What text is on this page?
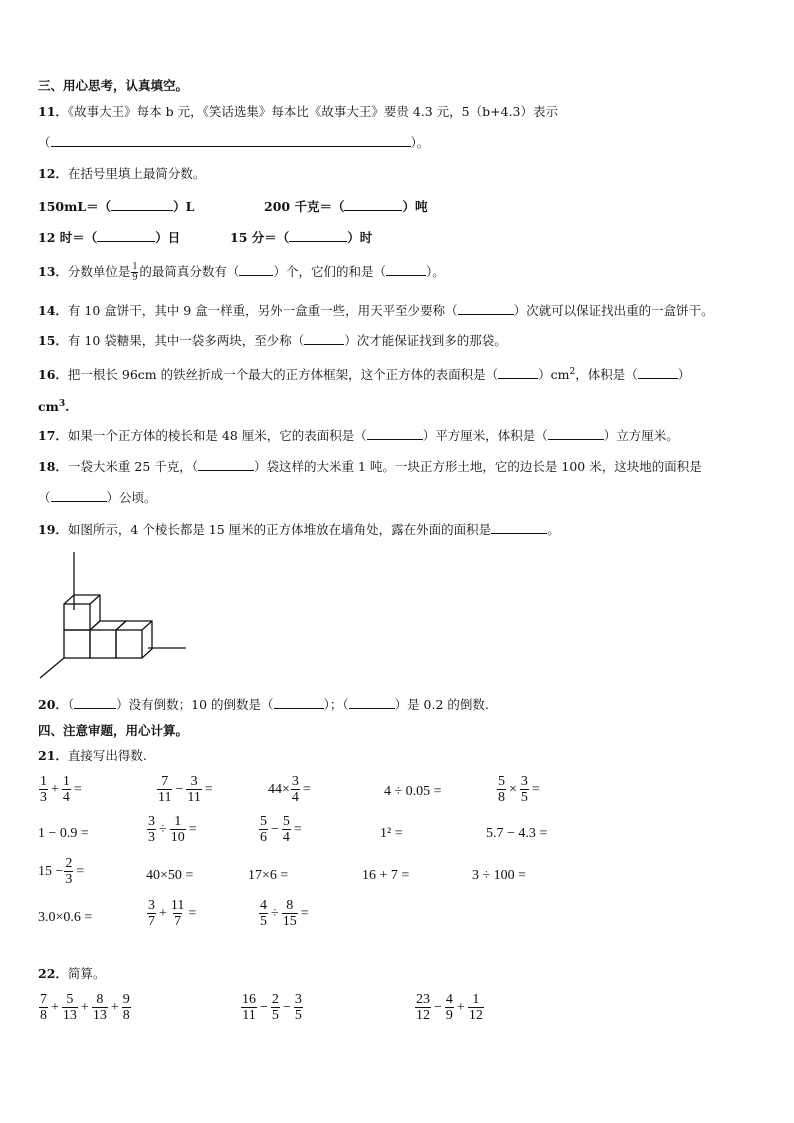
三、用心思考，认真填空。
11．《故事大王》每本 b 元，《笑话选集》每本比《故事大王》要贵 4.3 元，5（b+4.3）表示
（	）。
12．在括号里填上最简分数。
150mL＝（	）L	200 千克＝（	）吨
12 时＝（	）日	15 分＝（	）时
13．分数单位是 $\frac{1}{9}$ 的最简真分数有（	）个，它们的和是（	）。
14．有 10 盒饼干，其中 9 盒一样重，另外一盒重一些，用天平至少要称（	）次就可以保证找出重的一盒饼干。
15．有 10 袋糖果，其中一袋多两块，至少称（	）次才能保证找到多的那袋。
16．把一根长 96cm 的铁丝折成一个最大的正方体框架，这个正方体的表面积是（	）$cm^2$，体积是（	）
$cm^3$.
17．如果一个正方体的棱长和是 48 厘米，它的表面积是（	）平方厘米，体积是（	）立方厘米。
18．一袋大米重 25 千克，（	）袋这样的大米重 1 吨。一块正方形土地，它的边长是 100 米，这块地的面积是
（	）公顷。
19．如图所示，4 个棱长都是 15 厘米的正方体堆放在墙角处，露在外面的面积是	。
20．（	）没有倒数；10 的倒数是（	）；（	）是 0.2 的倒数.
四、注意审题，用心计算。
21．直接写出得数.
$\frac{1}{3} + \frac{1}{4}$ =	$\frac{7}{11} - \frac{3}{11}$ =	$44\times \frac{3}{4}$ =	4 ÷ 0.05 =	$\frac{5}{8} \times \frac{3}{5}$ =
1 − 0.9 =	$\frac{3}{3} \div \frac{1}{10}$ =	$\frac{5}{6} - \frac{5}{4}$ =	1² =	5.7 − 4.3 =
$15 - \frac{2}{3}$ =	40×50 =	17×6 =	16 + 7 =	3 ÷ 100 =
3.0×0.6 =	$\frac{3}{7} + \frac{11}{7}$ =	$\frac{4}{5} \div \frac{8}{15}$ =
22．简算。
$\frac{7}{8} + \frac{5}{13} + \frac{8}{13} + \frac{9}{8}$	$\frac{16}{11} - \frac{2}{5} - \frac{3}{5}$	$\frac{23}{12} - \frac{4}{9} + \frac{1}{12}$
